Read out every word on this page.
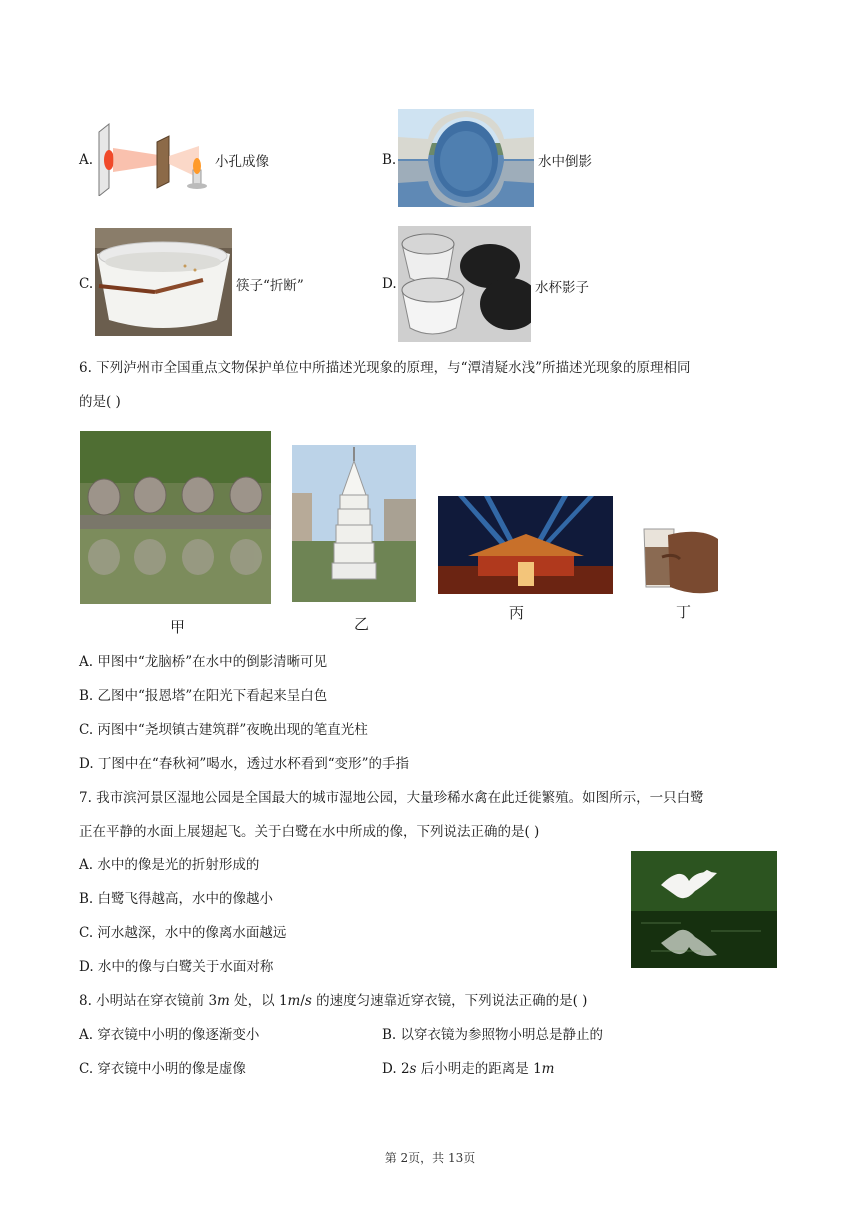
A.	小孔成像	B.	水中倒影
C.	筷子“折断”	D.	水杯影子
6. 下列泸州市全国重点文物保护单位中所描述光现象的原理，与“潭清疑水浅”所描述光现象的原理相同
的是( )
甲	乙
丙	丁
A. 甲图中“龙脑桥”在水中的倒影清晰可见
B. 乙图中“报恩塔”在阳光下看起来呈白色
C. 丙图中“尧坝镇古建筑群”夜晚出现的笔直光柱
D. 丁图中在“春秋祠”喝水，透过水杯看到“变形”的手指
7. 我市滨河景区湿地公园是全国最大的城市湿地公园，大量珍稀水禽在此迁徙繁殖。如图所示，一只白鹭
正在平静的水面上展翅起飞。关于白鹭在水中所成的像，下列说法正确的是( )
A. 水中的像是光的折射形成的
B. 白鹭飞得越高，水中的像越小
C. 河水越深，水中的像离水面越远
D. 水中的像与白鹭关于水面对称
8. 小明站在穿衣镜前 3𝑚 处，以 1𝑚/𝑠 的速度匀速靠近穿衣镜，下列说法正确的是( )
A. 穿衣镜中小明的像逐渐变小	B. 以穿衣镜为参照物小明总是静止的
C. 穿衣镜中小明的像是虚像	D. 2𝑠 后小明走的距离是 1𝑚
第 2页，共 13页
